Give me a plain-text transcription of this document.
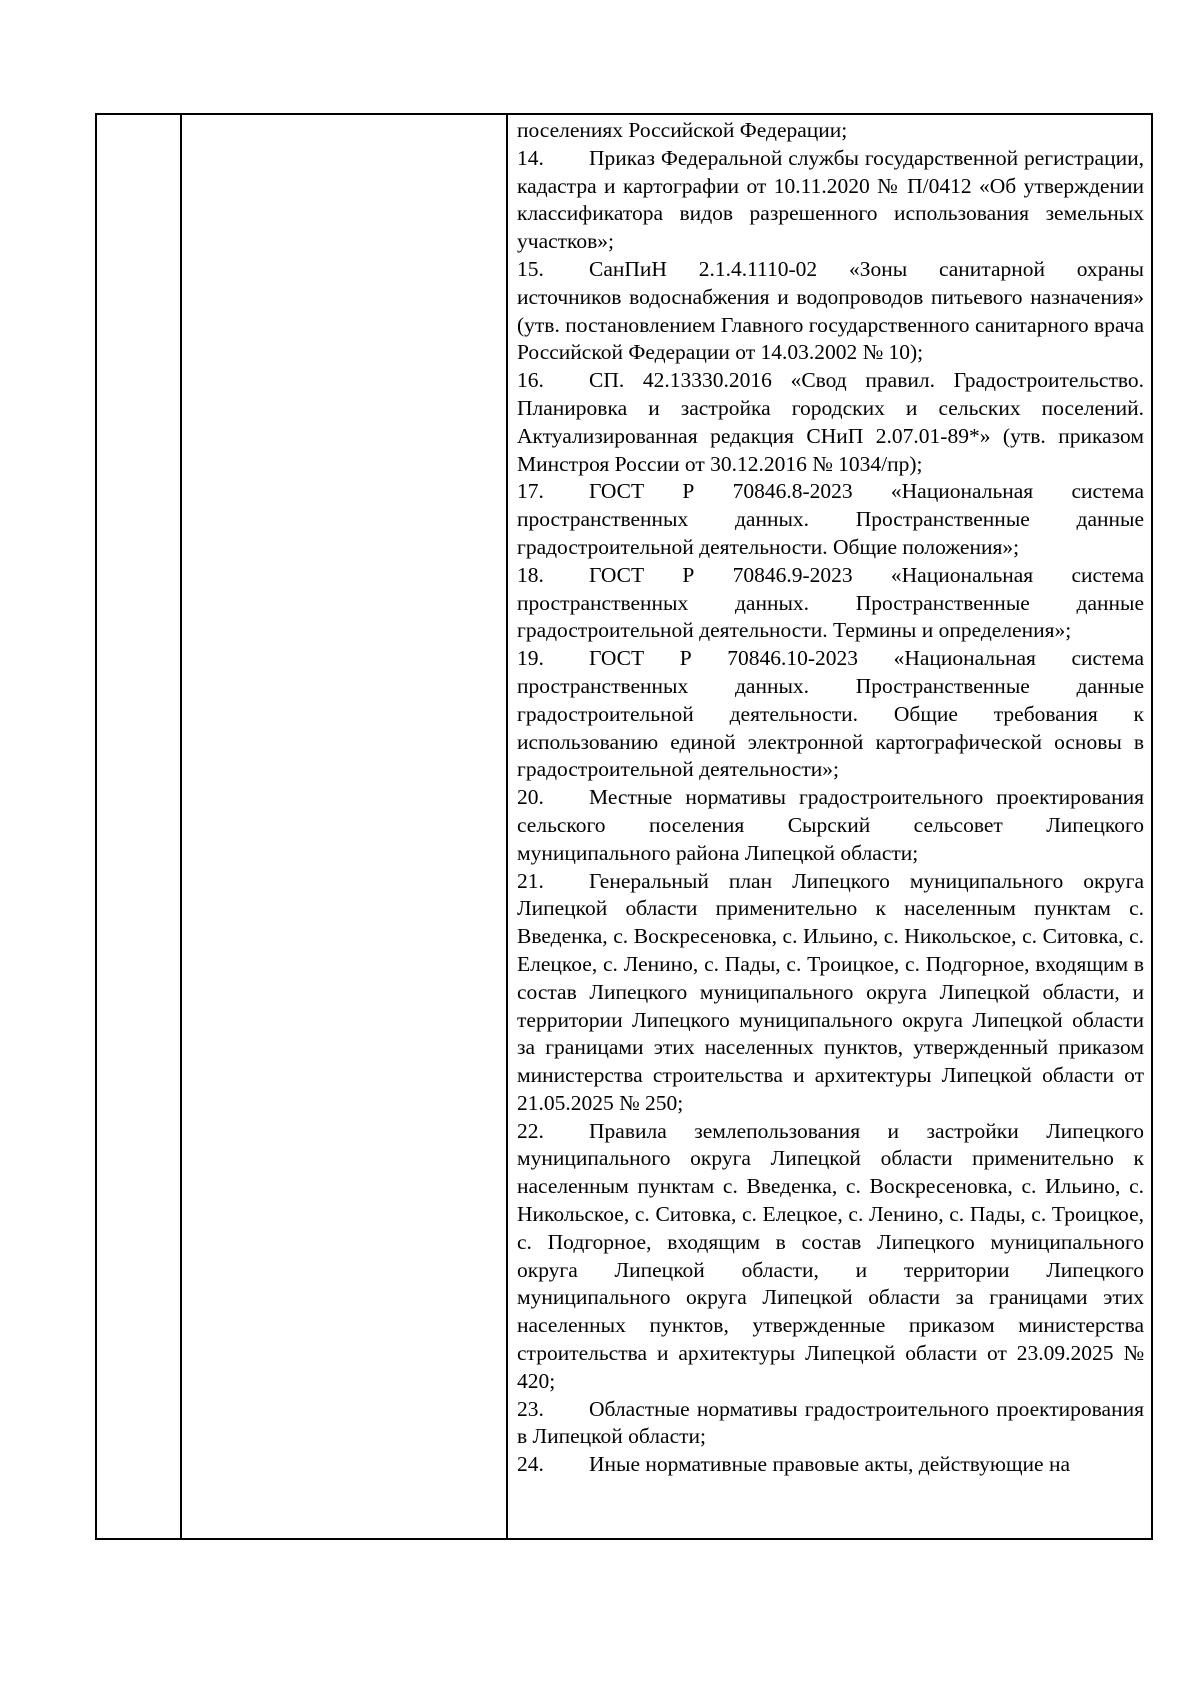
поселениях Российской Федерации;

14. Приказ Федеральной службы государственной регистрации, кадастра и картографии от 10.11.2020 № П/0412 «Об утверждении классификатора видов разрешенного использования земельных участков»;

15. СанПиН 2.1.4.1110-02 «Зоны санитарной охраны источников водоснабжения и водопроводов питьевого назначения» (утв. постановлением Главного государственного санитарного врача Российской Федерации от 14.03.2002 № 10);

16. СП. 42.13330.2016 «Свод правил. Градостроительство. Планировка и застройка городских и сельских поселений. Актуализированная редакция СНиП 2.07.01-89*» (утв. приказом Минстроя России от 30.12.2016 № 1034/пр);

17. ГОСТ Р 70846.8-2023 «Национальная система пространственных данных. Пространственные данные градостроительной деятельности. Общие положения»;

18. ГОСТ Р 70846.9-2023 «Национальная система пространственных данных. Пространственные данные градостроительной деятельности. Термины и определения»;

19. ГОСТ Р 70846.10-2023 «Национальная система пространственных данных. Пространственные данные градостроительной деятельности. Общие требования к использованию единой электронной картографической основы в градостроительной деятельности»;

20. Местные нормативы градостроительного проектирования сельского поселения Сырский сельсовет Липецкого муниципального района Липецкой области;

21. Генеральный план Липецкого муниципального округа Липецкой области применительно к населенным пунктам с. Введенка, с. Воскресеновка, с. Ильино, с. Никольское, с. Ситовка, с. Елецкое, с. Ленино, с. Пады, с. Троицкое, с. Подгорное, входящим в состав Липецкого муниципального округа Липецкой области, и территории Липецкого муниципального округа Липецкой области за границами этих населенных пунктов, утвержденный приказом министерства строительства и архитектуры Липецкой области от 21.05.2025 № 250;

22. Правила землепользования и застройки Липецкого муниципального округа Липецкой области применительно к населенным пунктам с. Введенка, с. Воскресеновка, с. Ильино, с. Никольское, с. Ситовка, с. Елецкое, с. Ленино, с. Пады, с. Троицкое, с. Подгорное, входящим в состав Липецкого муниципального округа Липецкой области, и территории Липецкого муниципального округа Липецкой области за границами этих населенных пунктов, утвержденные приказом министерства строительства и архитектуры Липецкой области от 23.09.2025 № 420;

23. Областные нормативы градостроительного проектирования в Липецкой области;

24. Иные нормативные правовые акты, действующие на
